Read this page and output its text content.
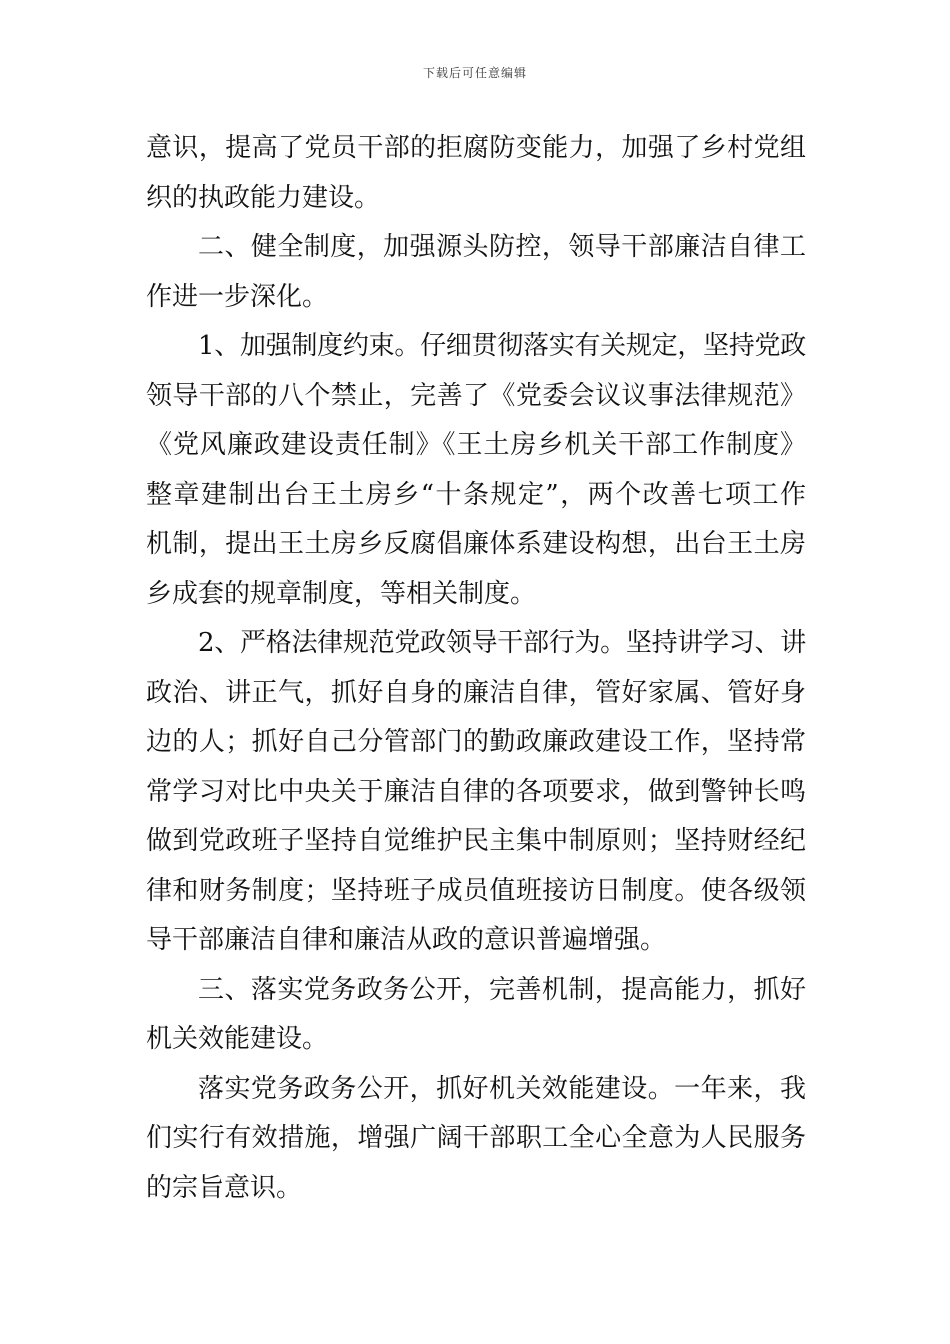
下载后可任意编辑
意识，提高了党员干部的拒腐防变能力，加强了乡村党组
织的执政能力建设。
二、健全制度，加强源头防控，领导干部廉洁自律工
作进一步深化。
1、加强制度约束。仔细贯彻落实有关规定，坚持党政
领导干部的八个禁止，完善了《党委会议议事法律规范》
《党风廉政建设责任制》《王土房乡机关干部工作制度》
整章建制出台王土房乡“十条规定”，两个改善七项工作
机制，提出王土房乡反腐倡廉体系建设构想，出台王土房
乡成套的规章制度，等相关制度。
2、严格法律规范党政领导干部行为。坚持讲学习、讲
政治、讲正气，抓好自身的廉洁自律，管好家属、管好身
边的人；抓好自己分管部门的勤政廉政建设工作，坚持常
常学习对比中央关于廉洁自律的各项要求，做到警钟长鸣
做到党政班子坚持自觉维护民主集中制原则；坚持财经纪
律和财务制度；坚持班子成员值班接访日制度。使各级领
导干部廉洁自律和廉洁从政的意识普遍增强。
三、落实党务政务公开，完善机制，提高能力，抓好
机关效能建设。
落实党务政务公开，抓好机关效能建设。一年来，我
们实行有效措施，增强广阔干部职工全心全意为人民服务
的宗旨意识。
